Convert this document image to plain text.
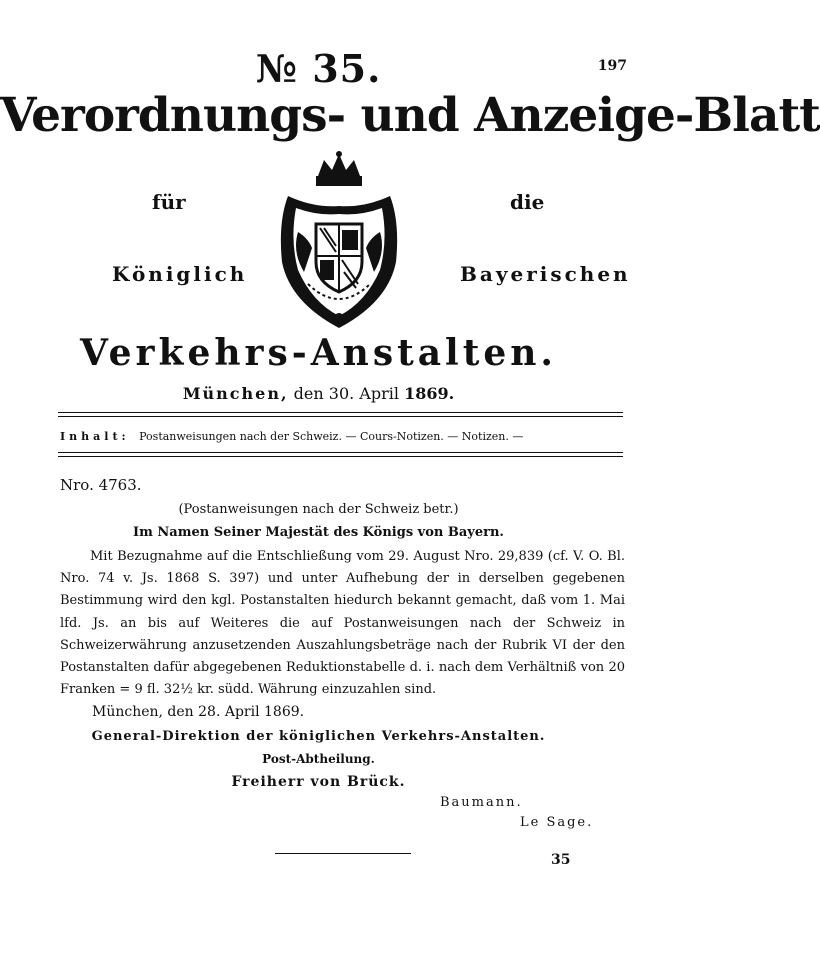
№ 35.	197
Verordnungs- und Anzeige-Blatt
für	die
Königlich	Bayerischen
Verkehrs-Anstalten.
München, den 30. April 1869.
Inhalt: Postanweisungen nach der Schweiz. — Cours-Notizen. — Notizen. —
Nro. 4763.
(Postanweisungen nach der Schweiz betr.)
Im Namen Seiner Majestät des Königs von Bayern.
Mit Bezugnahme auf die Entschließung vom 29. August Nro. 29,839 (cf. V. O. Bl. Nro. 74 v. Js. 1868 S. 397) und unter Aufhebung der in derselben gegebenen Bestimmung wird den kgl. Postanstalten hiedurch bekannt gemacht, daß vom 1. Mai lfd. Js. an bis auf Weiteres die auf Postanweisungen nach der Schweiz in Schweizerwährung anzusetzenden Auszahlungsbeträge nach der Rubrik VI der den Postanstalten dafür abgegebenen Reduktionstabelle d. i. nach dem Verhältniß von 20 Franken = 9 fl. 32½ kr. südd. Währung einzuzahlen sind.
München, den 28. April 1869.
General-Direktion der königlichen Verkehrs-Anstalten.
Post-Abtheilung.
Freiherr von Brück.
Baumann.
Le Sage.
35
